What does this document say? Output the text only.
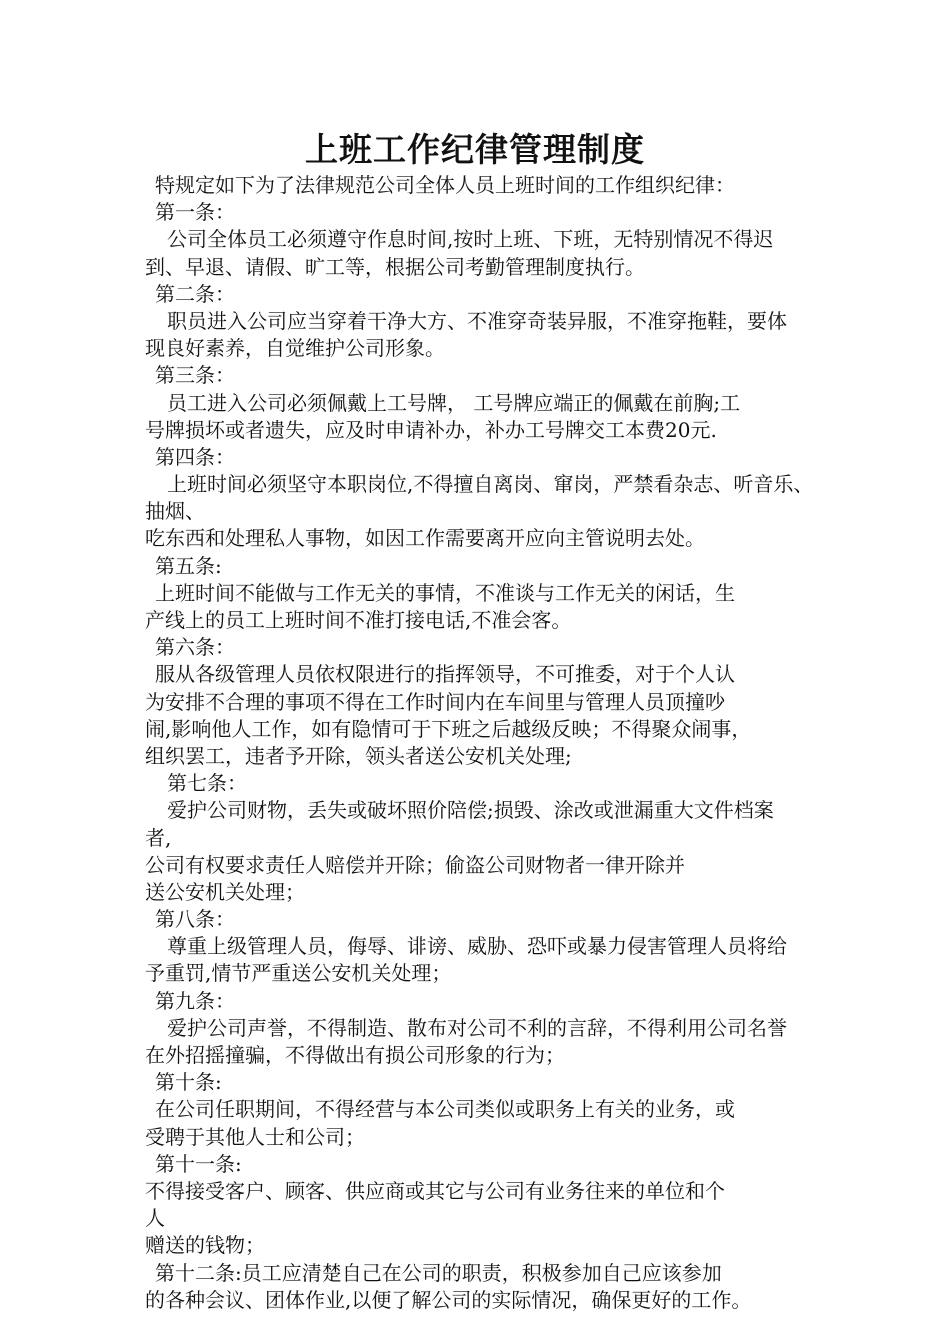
上班工作纪律管理制度
特规定如下为了法律规范公司全体人员上班时间的工作组织纪律：
第一条：
公司全体员工必须遵守作息时间,按时上班、下班，无特别情况不得迟
到、早退、请假、旷工等，根据公司考勤管理制度执行。
第二条：
职员进入公司应当穿着干净大方、不准穿奇装异服，不准穿拖鞋，要体
现良好素养，自觉维护公司形象。
第三条：
员工进入公司必须佩戴上工号牌， 工号牌应端正的佩戴在前胸;工
号牌损坏或者遗失，应及时申请补办，补办工号牌交工本费20元.
第四条：
上班时间必须坚守本职岗位,不得擅自离岗、窜岗，严禁看杂志、听音乐、
抽烟、
吃东西和处理私人事物，如因工作需要离开应向主管说明去处。
第五条:
上班时间不能做与工作无关的事情，不准谈与工作无关的闲话，生
产线上的员工上班时间不准打接电话,不准会客。
第六条：
服从各级管理人员依权限进行的指挥领导，不可推委，对于个人认
为安排不合理的事项不得在工作时间内在车间里与管理人员顶撞吵
闹,影响他人工作，如有隐情可于下班之后越级反映；不得聚众闹事，
组织罢工，违者予开除，领头者送公安机关处理;
第七条：
爱护公司财物，丢失或破坏照价陪偿;损毁、涂改或泄漏重大文件档案
者,
公司有权要求责任人赔偿并开除；偷盗公司财物者一律开除并
送公安机关处理；
第八条：
尊重上级管理人员，侮辱、诽谤、威胁、恐吓或暴力侵害管理人员将给
予重罚,情节严重送公安机关处理；
第九条：
爱护公司声誉，不得制造、散布对公司不利的言辞，不得利用公司名誉
在外招摇撞骗，不得做出有损公司形象的行为；
第十条:
在公司任职期间，不得经营与本公司类似或职务上有关的业务，或
受聘于其他人士和公司；
第十一条:
不得接受客户、顾客、供应商或其它与公司有业务往来的单位和个
人
赠送的钱物；
第十二条:员工应清楚自己在公司的职责，积极参加自己应该参加
的各种会议、团体作业,以便了解公司的实际情况，确保更好的工作。
